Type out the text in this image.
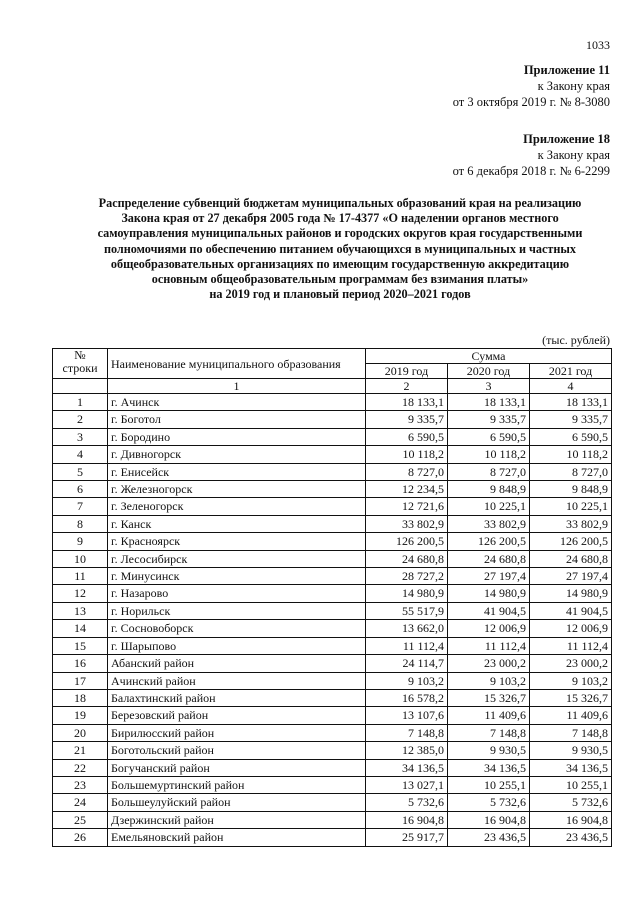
1033
Приложение 11
к Закону края
от 3 октября 2019 г. № 8-3080
Приложение 18
к Закону края
от 6 декабря 2018 г. № 6-2299
Распределение субвенций бюджетам муниципальных образований края на реализацию
Закона края от 27 декабря 2005 года № 17-4377 «О наделении органов местного
самоуправления муниципальных районов и городских округов края государственными
полномочиями по обеспечению питанием обучающихся в муниципальных и частных
общеобразовательных организациях по имеющим государственную аккредитацию
основным общеобразовательным программам без взимания платы»
на 2019 год и плановый период 2020–2021 годов
(тыс. рублей)
№
строки	Наименование муниципального образования	Сумма		
		2019 год	2020 год	2021 год
	1	2	3	4
1	г. Ачинск	18 133,1	18 133,1	18 133,1
2	г. Боготол	9 335,7	9 335,7	9 335,7
3	г. Бородино	6 590,5	6 590,5	6 590,5
4	г. Дивногорск	10 118,2	10 118,2	10 118,2
5	г. Енисейск	8 727,0	8 727,0	8 727,0
6	г. Железногорск	12 234,5	9 848,9	9 848,9
7	г. Зеленогорск	12 721,6	10 225,1	10 225,1
8	г. Канск	33 802,9	33 802,9	33 802,9
9	г. Красноярск	126 200,5	126 200,5	126 200,5
10	г. Лесосибирск	24 680,8	24 680,8	24 680,8
11	г. Минусинск	28 727,2	27 197,4	27 197,4
12	г. Назарово	14 980,9	14 980,9	14 980,9
13	г. Норильск	55 517,9	41 904,5	41 904,5
14	г. Сосновоборск	13 662,0	12 006,9	12 006,9
15	г. Шарыпово	11 112,4	11 112,4	11 112,4
16	Абанский район	24 114,7	23 000,2	23 000,2
17	Ачинский район	9 103,2	9 103,2	9 103,2
18	Балахтинский район	16 578,2	15 326,7	15 326,7
19	Березовский район	13 107,6	11 409,6	11 409,6
20	Бирилюсский район	7 148,8	7 148,8	7 148,8
21	Боготольский район	12 385,0	9 930,5	9 930,5
22	Богучанский район	34 136,5	34 136,5	34 136,5
23	Большемуртинский район	13 027,1	10 255,1	10 255,1
24	Большеулуйский район	5 732,6	5 732,6	5 732,6
25	Дзержинский район	16 904,8	16 904,8	16 904,8
26	Емельяновский район	25 917,7	23 436,5	23 436,5
